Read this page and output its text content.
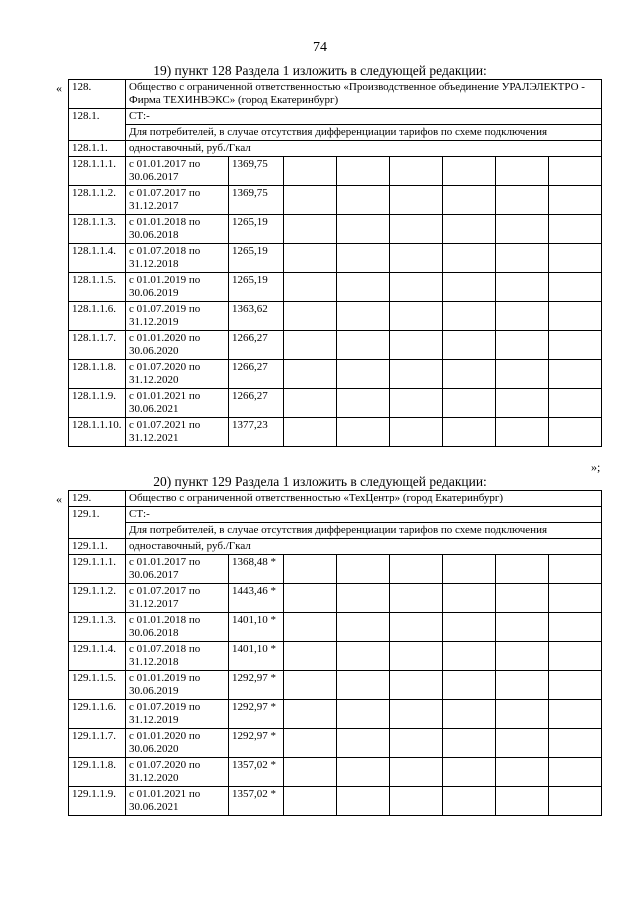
74
19) пункт 128 Раздела 1 изложить в следующей редакции:
« 128.	Общество с ограниченной ответственностью «Производственное объединение УРАЛЭЛЕКТРО - Фирма ТЕХИНВЭКС» (город Екатеринбург)							
128.1.	СТ:-							
	Для потребителей, в случае отсутствия дифференциации тарифов по схеме подключения							
128.1.1.	одноставочный, руб./Гкал							
128.1.1.1.	с 01.01.2017 по 30.06.2017	1369,75						
128.1.1.2.	с 01.07.2017 по 31.12.2017	1369,75						
128.1.1.3.	с 01.01.2018 по 30.06.2018	1265,19						
128.1.1.4.	с 01.07.2018 по 31.12.2018	1265,19						
128.1.1.5.	с 01.01.2019 по 30.06.2019	1265,19						
128.1.1.6.	с 01.07.2019 по 31.12.2019	1363,62						
128.1.1.7.	с 01.01.2020 по 30.06.2020	1266,27						
128.1.1.8.	с 01.07.2020 по 31.12.2020	1266,27						
128.1.1.9.	с 01.01.2021 по 30.06.2021	1266,27						
128.1.1.10.	с 01.07.2021 по 31.12.2021	1377,23						
»;
20) пункт 129 Раздела 1 изложить в следующей редакции:
« 129.	Общество с ограниченной ответственностью «ТехЦентр» (город Екатеринбург)							
129.1.	СТ:-							
	Для потребителей, в случае отсутствия дифференциации тарифов по схеме подключения							
129.1.1.	одноставочный, руб./Гкал							
129.1.1.1.	с 01.01.2017 по 30.06.2017	1368,48 *						
129.1.1.2.	с 01.07.2017 по 31.12.2017	1443,46 *						
129.1.1.3.	с 01.01.2018 по 30.06.2018	1401,10 *						
129.1.1.4.	с 01.07.2018 по 31.12.2018	1401,10 *						
129.1.1.5.	с 01.01.2019 по 30.06.2019	1292,97 *						
129.1.1.6.	с 01.07.2019 по 31.12.2019	1292,97 *						
129.1.1.7.	с 01.01.2020 по 30.06.2020	1292,97 *						
129.1.1.8.	с 01.07.2020 по 31.12.2020	1357,02 *						
129.1.1.9.	с 01.01.2021 по 30.06.2021	1357,02 *						
